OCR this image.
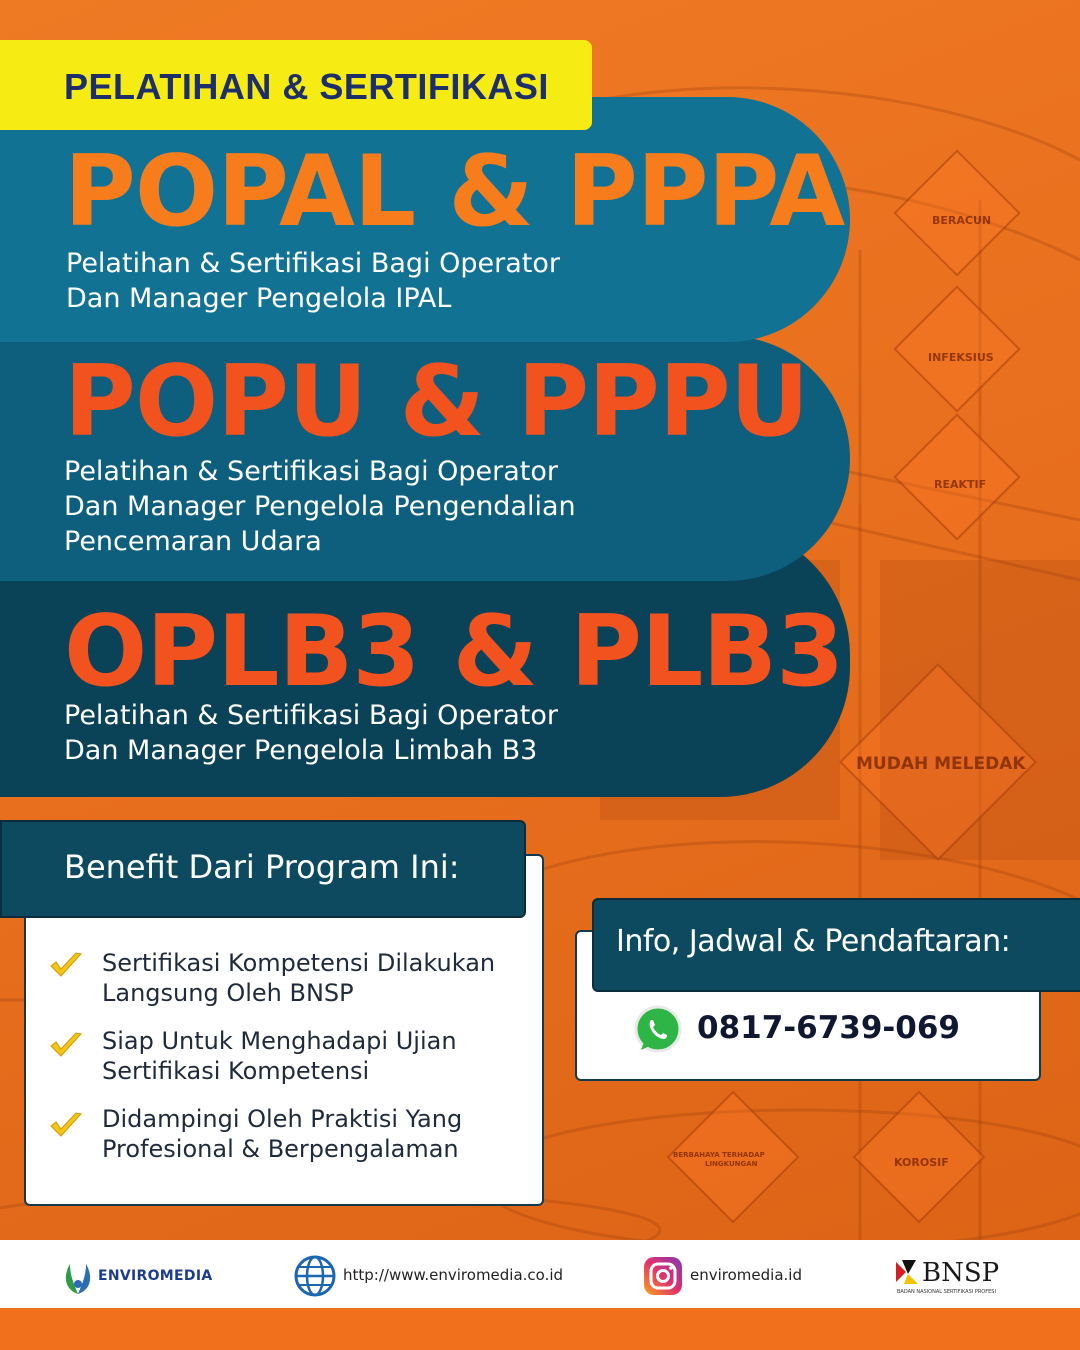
BERACUN
INFEKSIUS
REAKTIF
MUDAH MELEDAK
BERBAHAYA TERHADAP
LINGKUNGAN	KOROSIF
PELATIHAN & SERTIFIKASI
POPAL & PPPA
Pelatihan & Sertifikasi Bagi Operator
Dan Manager Pengelola IPAL
POPU & PPPU
Pelatihan & Sertifikasi Bagi Operator
Dan Manager Pengelola Pengendalian
Pencemaran Udara
OPLB3 & PLB3
Pelatihan & Sertifikasi Bagi Operator
Dan Manager Pengelola Limbah B3
Benefit Dari Program Ini:
Sertifikasi Kompetensi Dilakukan
Langsung Oleh BNSP
Siap Untuk Menghadapi Ujian
Sertifikasi Kompetensi
Didampingi Oleh Praktisi Yang
Profesional & Berpengalaman
Info, Jadwal & Pendaftaran:
0817-6739-069
ENVIROMEDIA	http://www.enviromedia.co.id	enviromedia.id	BNSP
BADAN NASIONAL SERTIFIKASI PROFESI
